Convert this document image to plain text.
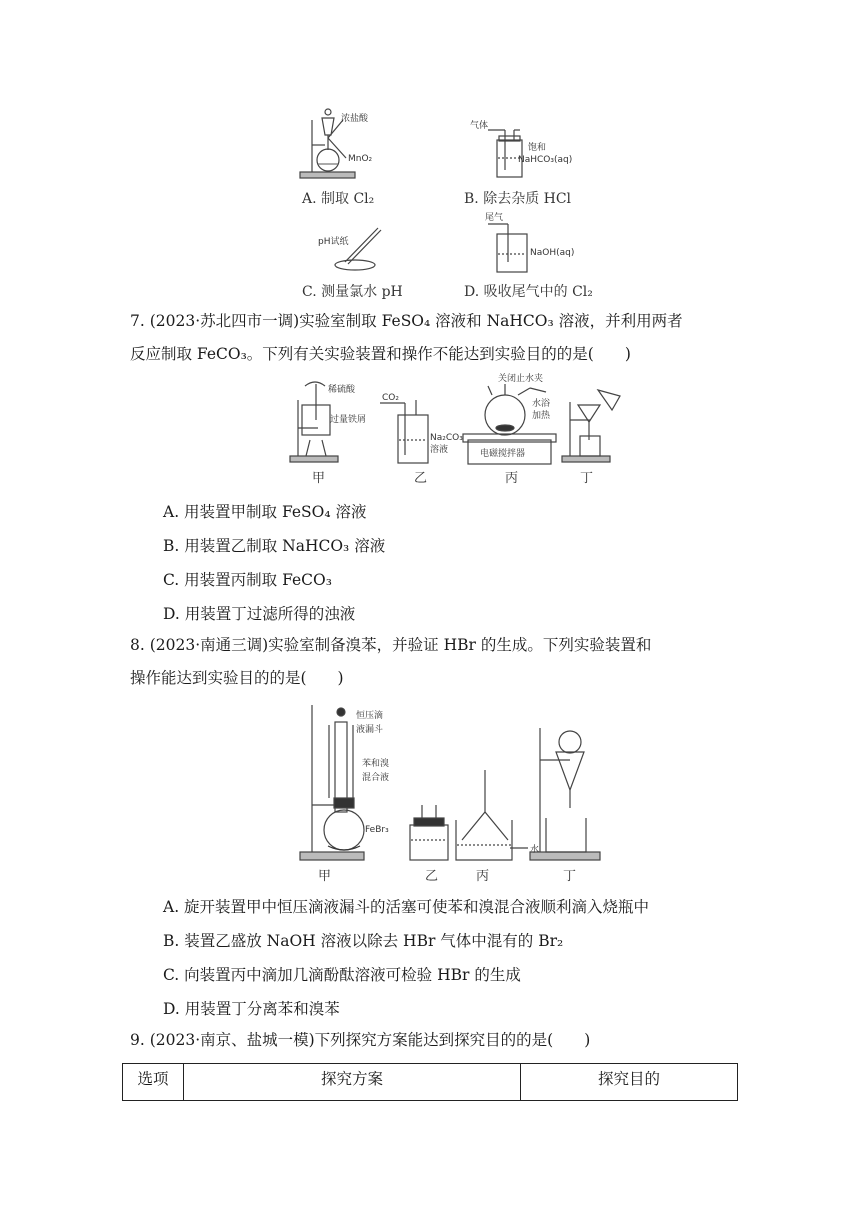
浓盐酸
MnO₂
气体
饱和
NaHCO₃(aq)
pH试纸
尾气
NaOH(aq)
A. 制取 Cl₂	B. 除去杂质 HCl
C. 测量氯水 pH	D. 吸收尾气中的 Cl₂
7. (2023·苏北四市一调)实验室制取 FeSO₄ 溶液和 NaHCO₃ 溶液，并利用两者
反应制取 FeCO₃。下列有关实验装置和操作不能达到实验目的的是(　　)
稀硫酸
过量铁屑
CO₂
Na₂CO₃
溶液
关闭止水夹
水浴
加热
电磁搅拌器
甲	乙	丙	丁
A. 用装置甲制取 FeSO₄ 溶液
B. 用装置乙制取 NaHCO₃ 溶液
C. 用装置丙制取 FeCO₃
D. 用装置丁过滤所得的浊液
8. (2023·南通三调)实验室制备溴苯，并验证 HBr 的生成。下列实验装置和
操作能达到实验目的的是(　　)
恒压滴
液漏斗
苯和溴
混合液
FeBr₃
水
甲	乙	丙	丁
A. 旋开装置甲中恒压滴液漏斗的活塞可使苯和溴混合液顺利滴入烧瓶中
B. 装置乙盛放 NaOH 溶液以除去 HBr 气体中混有的 Br₂
C. 向装置丙中滴加几滴酚酞溶液可检验 HBr 的生成
D. 用装置丁分离苯和溴苯
9. (2023·南京、盐城一模)下列探究方案能达到探究目的的是(　　)
选项	探究方案	探究目的
